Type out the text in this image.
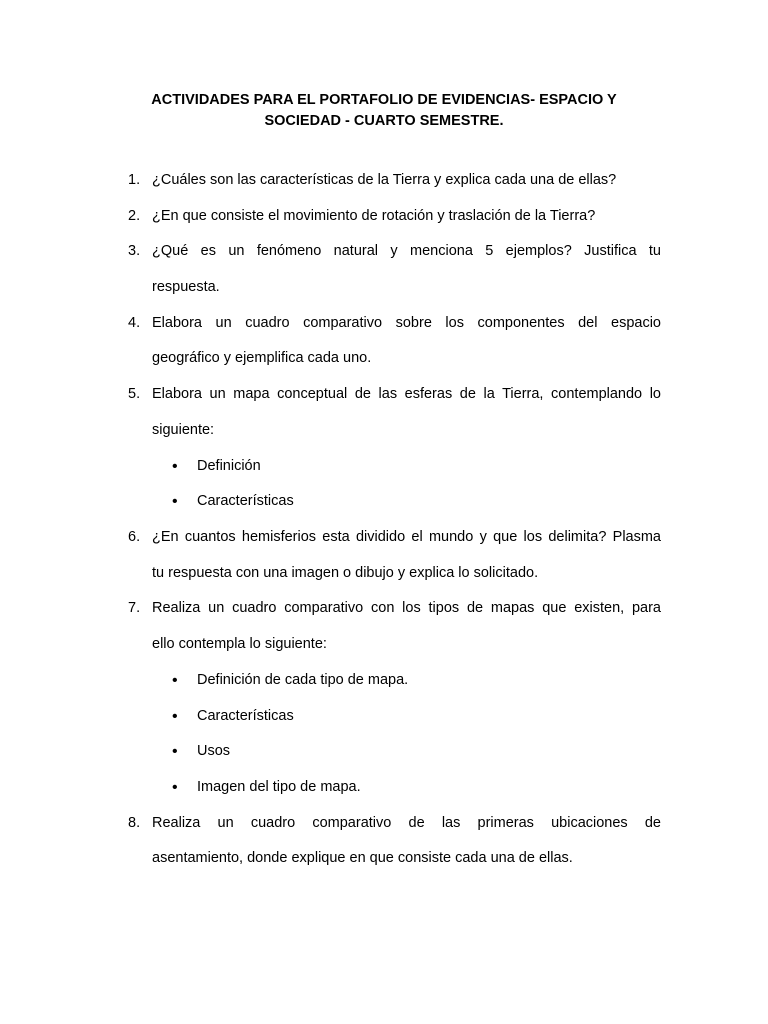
ACTIVIDADES PARA EL PORTAFOLIO DE EVIDENCIAS- ESPACIO Y
SOCIEDAD - CUARTO SEMESTRE.
1. ¿Cuáles son las características de la Tierra y explica cada una de ellas?
2. ¿En que consiste el movimiento de rotación y traslación de la Tierra?
3. ¿Qué es un fenómeno natural y menciona 5 ejemplos? Justifica tu
respuesta.
4. Elabora un cuadro comparativo sobre los componentes del espacio
geográfico y ejemplifica cada uno.
5. Elabora un mapa conceptual de las esferas de la Tierra, contemplando lo
siguiente:
• Definición
• Características
6. ¿En cuantos hemisferios esta dividido el mundo y que los delimita? Plasma
tu respuesta con una imagen o dibujo y explica lo solicitado.
7. Realiza un cuadro comparativo con los tipos de mapas que existen, para
ello contempla lo siguiente:
• Definición de cada tipo de mapa.
• Características
• Usos
• Imagen del tipo de mapa.
8. Realiza un cuadro comparativo de las primeras ubicaciones de
asentamiento, donde explique en que consiste cada una de ellas.
